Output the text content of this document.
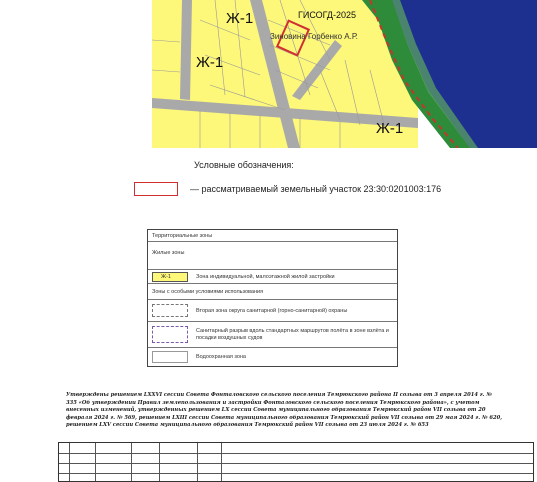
Ж-1
Ж-1
Ж-1
Условные обозначения:
— рассматриваемый земельный участок 23:30:0201003:176
Территориальные зоны
Жилые зоны
Ж-1	Зона индивидуальной, малоэтажной жилой застройки
Зоны с особыми условиями использования
Вторая зона округа санитарной (горно-санитарной) охраны
Санитарный разрыв вдоль стандартных маршрутов полёта в зоне взлёта и посадки воздушных судов
Водоохранная зона
Утверждены решением LXXVI сессии Совета Фонталовского сельского поселения Темрюкского района II созыва от 3 апреля 2014 г. № 335 «Об утверждении Правил землепользования и застройки Фонталовского сельского поселения Темрюкского района», с учетом внесенных изменений, утвержденных решением LX сессии Совета муниципального образования Темрюкский район VII созыва от 20 февраля 2024 г. № 569, решением LXIII сессии Совета муниципального образования Темрюкский район VII созыва от 29 мая 2024 г. № 620, решением LXV сессии Совета муниципального образования Темрюкский район VII созыва от 23 июля 2024 г. № 653
ГИСОГД-2025
Зиновина Горбенко А.Р.
